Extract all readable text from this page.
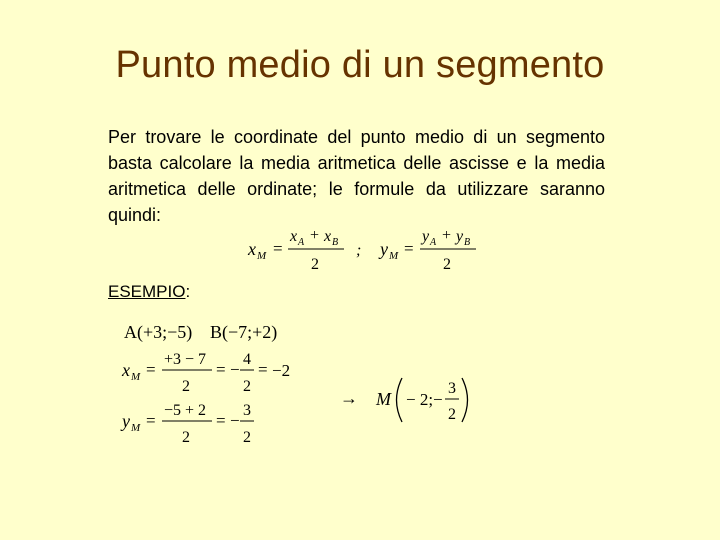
Punto medio di un segmento
Per trovare le coordinate del punto medio di un segmento basta calcolare la media aritmetica delle ascisse e la media aritmetica delle ordinate; le formule da utilizzare saranno quindi:
x M =
x A + x B
2
; y M =
y A + y B
2
ESEMPIO:
A(+3;−5) B(−7;+2)
x M =
+3 − 7
2
= −
4
2
= −2
y M =
−5 + 2
2
= −
3
2
→ M − 2;−
3
2
